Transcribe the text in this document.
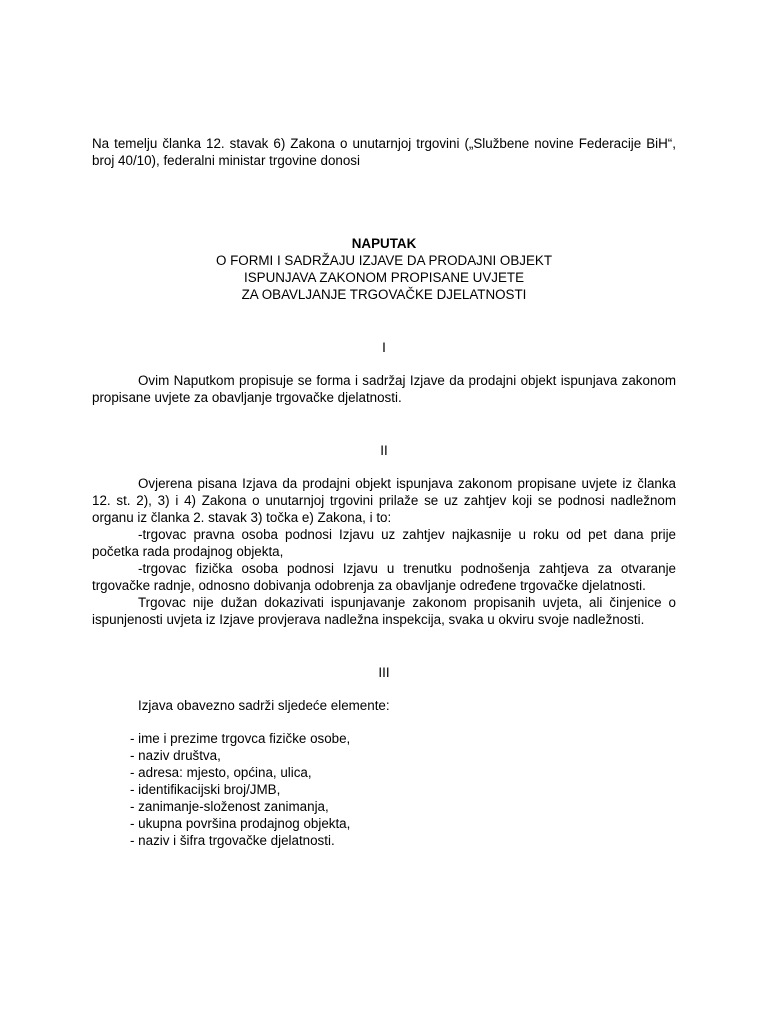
Na temelju članka 12. stavak 6) Zakona o unutarnjoj trgovini („Službene novine Federacije BiH“, broj 40/10), federalni ministar trgovine donosi

NAPUTAK
O FORMI I SADRŽAJU IZJAVE DA PRODAJNI OBJEKT
ISPUNJAVA ZAKONOM PROPISANE UVJETE
ZA OBAVLJANJE TRGOVAČKE DJELATNOSTI
I

Ovim Naputkom propisuje se forma i sadržaj Izjave da prodajni objekt ispunjava zakonom propisane uvjete za obavljanje trgovačke djelatnosti.

II

Ovjerena pisana Izjava da prodajni objekt ispunjava zakonom propisane uvjete iz članka 12. st. 2), 3) i 4) Zakona o unutarnjoj trgovini prilaže se uz zahtjev koji se podnosi nadležnom organu iz članka 2. stavak 3) točka e) Zakona, i to:

-trgovac pravna osoba podnosi Izjavu uz zahtjev najkasnije u roku od pet dana prije početka rada prodajnog objekta,

-trgovac fizička osoba podnosi Izjavu u trenutku podnošenja zahtjeva za otvaranje trgovačke radnje, odnosno dobivanja odobrenja za obavljanje određene trgovačke djelatnosti.

Trgovac nije dužan dokazivati ispunjavanje zakonom propisanih uvjeta, ali činjenice o ispunjenosti uvjeta iz Izjave provjerava nadležna inspekcija, svaka u okviru svoje nadležnosti.

III

Izjava obavezno sadrži sljedeće elemente:

- ime i prezime trgovca fizičke osobe,
- naziv društva,
- adresa: mjesto, općina, ulica,
- identifikacijski broj/JMB,
- zanimanje-složenost zanimanja,
- ukupna površina prodajnog objekta,
- naziv i šifra trgovačke djelatnosti.
